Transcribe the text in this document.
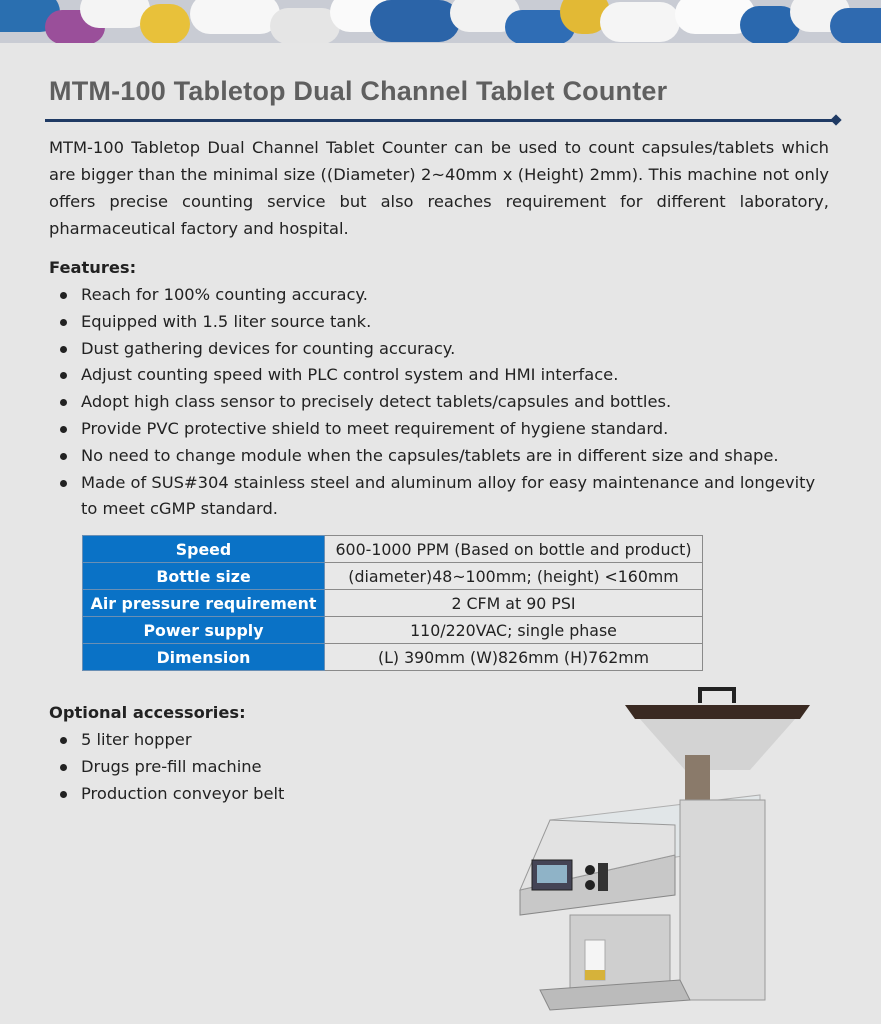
MTM-100 Tabletop Dual Channel Tablet Counter
MTM-100 Tabletop Dual Channel Tablet Counter can be used to count capsules/tablets which are bigger than the minimal size ((Diameter) 2~40mm x (Height) 2mm). This machine not only offers precise counting service but also reaches requirement for different laboratory, pharmaceutical factory and hospital.
Features:
Reach for 100% counting accuracy.
Equipped with 1.5 liter source tank.
Dust gathering devices for counting accuracy.
Adjust counting speed with PLC control system and HMI interface.
Adopt high class sensor to precisely detect tablets/capsules and bottles.
Provide PVC protective shield to meet requirement of hygiene standard.
No need to change module when the capsules/tablets are in different size and shape.
Made of SUS#304 stainless steel and aluminum alloy for easy maintenance and longevity to meet cGMP standard.
Speed	600-1000 PPM (Based on bottle and product)
Bottle size	(diameter)48~100mm; (height) <160mm
Air pressure requirement	2 CFM at 90 PSI
Power supply	110/220VAC; single phase
Dimension	(L) 390mm (W)826mm (H)762mm
Optional accessories:
5 liter hopper
Drugs pre-fill machine
Production conveyor belt
